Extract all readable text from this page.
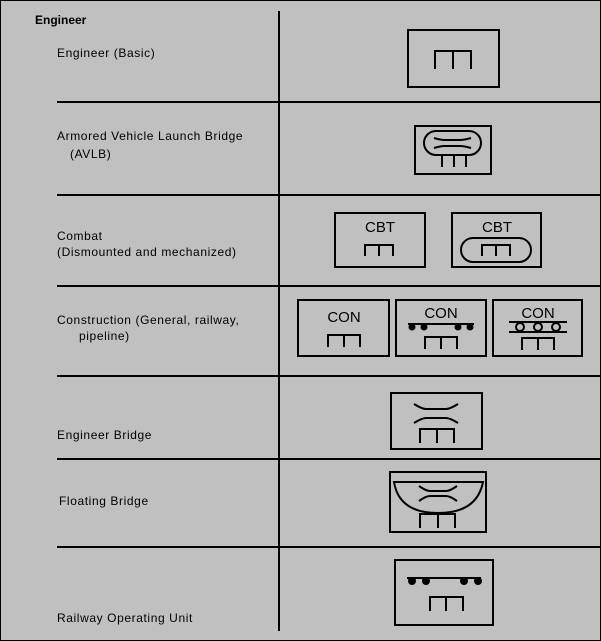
Engineer
Engineer (Basic)
Armored Vehicle Launch Bridge
(AVLB)
Combat
(Dismounted and mechanized)
CBT	CBT
Construction (General, railway,
pipeline)
CON	CON	CON
Engineer Bridge
Floating Bridge
Railway Operating Unit
